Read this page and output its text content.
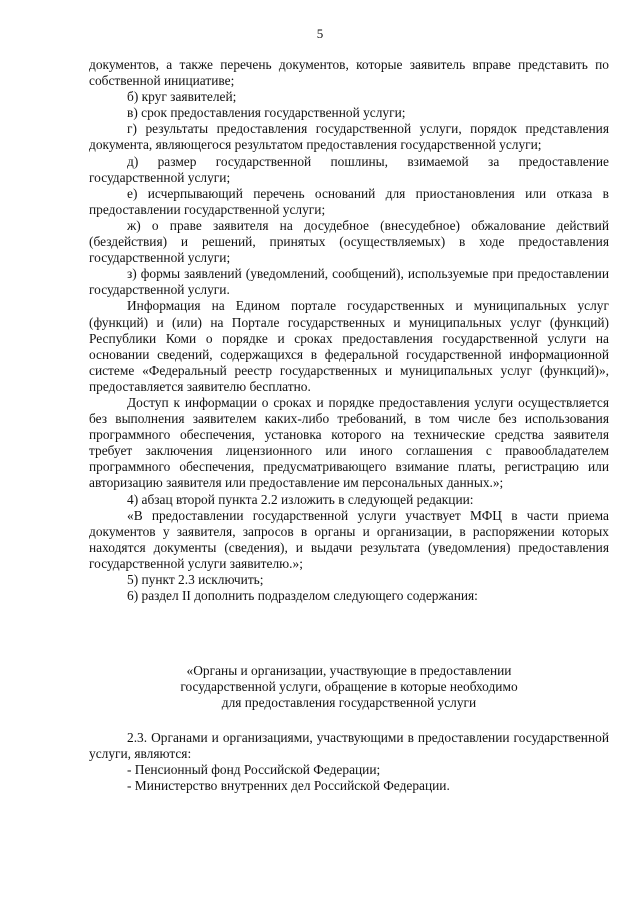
5

документов, а также перечень документов, которые заявитель вправе представить по собственной инициативе;

б) круг заявителей;

в) срок предоставления государственной услуги;

г) результаты предоставления государственной услуги, порядок представления документа, являющегося результатом предоставления государственной услуги;

д) размер государственной пошлины, взимаемой за предоставление государственной услуги;

е) исчерпывающий перечень оснований для приостановления или отказа в предоставлении государственной услуги;

ж) о праве заявителя на досудебное (внесудебное) обжалование действий (бездействия) и решений, принятых (осуществляемых) в ходе предоставления государственной услуги;

з) формы заявлений (уведомлений, сообщений), используемые при предоставлении государственной услуги.

Информация на Едином портале государственных и муниципальных услуг (функций) и (или) на Портале государственных и муниципальных услуг (функций) Республики Коми о порядке и сроках предоставления государственной услуги на основании сведений, содержащихся в федеральной государственной информационной системе «Федеральный реестр государственных и муниципальных услуг (функций)», предоставляется заявителю бесплатно.

Доступ к информации о сроках и порядке предоставления услуги осуществляется без выполнения заявителем каких-либо требований, в том числе без использования программного обеспечения, установка которого на технические средства заявителя требует заключения лицензионного или иного соглашения с правообладателем программного обеспечения, предусматривающего взимание платы, регистрацию или авторизацию заявителя или предоставление им персональных данных.»;

4) абзац второй пункта 2.2 изложить в следующей редакции:

«В предоставлении государственной услуги участвует МФЦ в части приема документов у заявителя, запросов в органы и организации, в распоряжении которых находятся документы (сведения), и выдачи результата (уведомления) предоставления государственной услуги заявителю.»;

5) пункт 2.3 исключить;

6) раздел II дополнить подразделом следующего содержания:

«Органы и организации, участвующие в предоставлении
государственной услуги, обращение в которые необходимо
для предоставления государственной услуги

2.3. Органами и организациями, участвующими в предоставлении государственной услуги, являются:

- Пенсионный фонд Российской Федерации;

- Министерство внутренних дел Российской Федерации.
